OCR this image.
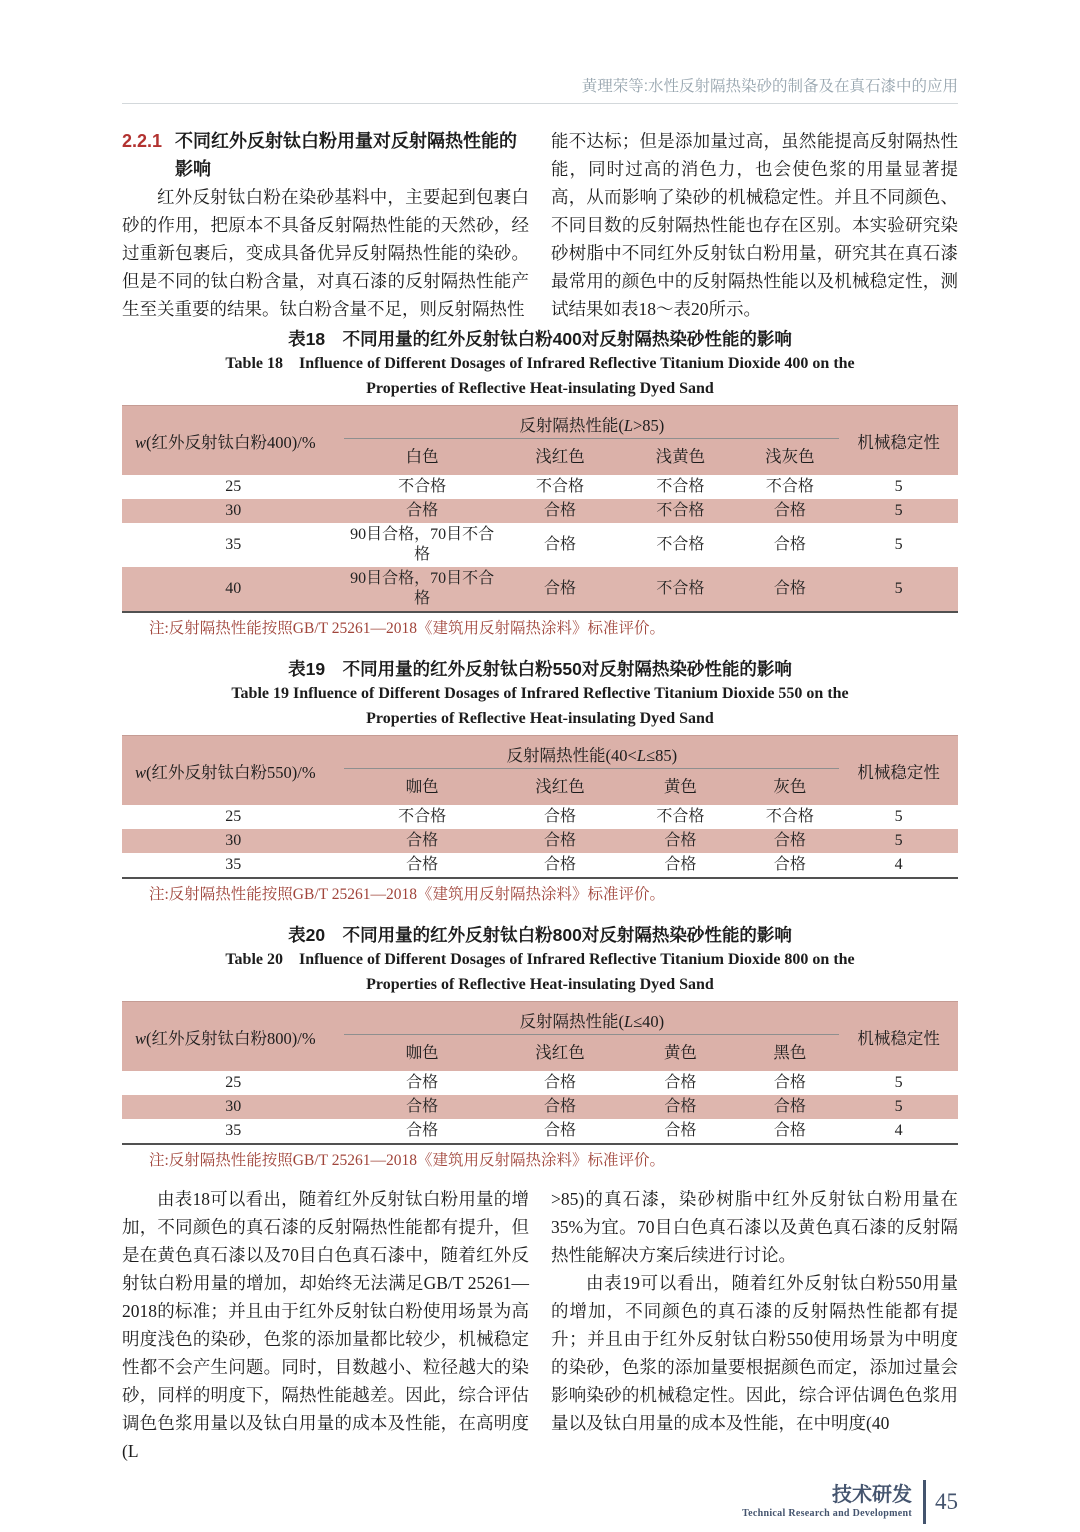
黄理荣等:水性反射隔热染砂的制备及在真石漆中的应用
2.2.1 不同红外反射钛白粉用量对反射隔热性能的
影响

红外反射钛白粉在染砂基料中，主要起到包裹白砂的作用，把原本不具备反射隔热性能的天然砂，经过重新包裹后，变成具备优异反射隔热性能的染砂。但是不同的钛白粉含量，对真石漆的反射隔热性能产生至关重要的结果。钛白粉含量不足，则反射隔热性

能不达标；但是添加量过高，虽然能提高反射隔热性能，同时过高的消色力，也会使色浆的用量显著提高，从而影响了染砂的机械稳定性。并且不同颜色、不同目数的反射隔热性能也存在区别。本实验研究染砂树脂中不同红外反射钛白粉用量，研究其在真石漆最常用的颜色中的反射隔热性能以及机械稳定性，测试结果如表18～表20所示。

表18　不同用量的红外反射钛白粉400对反射隔热染砂性能的影响
Table 18　Influence of Different Dosages of Infrared Reflective Titanium Dioxide 400 on the
Properties of Reflective Heat-insulating Dyed Sand
w(红外反射钛白粉400)/%	反射隔热性能(L>85)				机械稳定性
	白色	浅红色	浅黄色	浅灰色	
25	不合格	不合格	不合格	不合格	5
30	合格	合格	不合格	合格	5
35	90目合格，70目不合格	合格	不合格	合格	5
40	90目合格，70目不合格	合格	不合格	合格	5
注:反射隔热性能按照GB/T 25261—2018《建筑用反射隔热涂料》标准评价。
表19　不同用量的红外反射钛白粉550对反射隔热染砂性能的影响
Table 19 Influence of Different Dosages of Infrared Reflective Titanium Dioxide 550 on the
Properties of Reflective Heat-insulating Dyed Sand
w(红外反射钛白粉550)/%	反射隔热性能(40<L≤85)				机械稳定性
	咖色	浅红色	黄色	灰色	
25	不合格	合格	不合格	不合格	5
30	合格	合格	合格	合格	5
35	合格	合格	合格	合格	4
注:反射隔热性能按照GB/T 25261—2018《建筑用反射隔热涂料》标准评价。
表20　不同用量的红外反射钛白粉800对反射隔热染砂性能的影响
Table 20　Influence of Different Dosages of Infrared Reflective Titanium Dioxide 800 on the
Properties of Reflective Heat-insulating Dyed Sand
w(红外反射钛白粉800)/%	反射隔热性能(L≤40)				机械稳定性
	咖色	浅红色	黄色	黑色	
25	合格	合格	合格	合格	5
30	合格	合格	合格	合格	5
35	合格	合格	合格	合格	4
注:反射隔热性能按照GB/T 25261—2018《建筑用反射隔热涂料》标准评价。

由表18可以看出，随着红外反射钛白粉用量的增加，不同颜色的真石漆的反射隔热性能都有提升，但是在黄色真石漆以及70目白色真石漆中，随着红外反射钛白粉用量的增加，却始终无法满足GB/T 25261—2018的标准；并且由于红外反射钛白粉使用场景为高明度浅色的染砂，色浆的添加量都比较少，机械稳定性都不会产生问题。同时，目数越小、粒径越大的染砂，同样的明度下，隔热性能越差。因此，综合评估调色色浆用量以及钛白用量的成本及性能，在高明度(L

>85)的真石漆，染砂树脂中红外反射钛白粉用量在35%为宜。70目白色真石漆以及黄色真石漆的反射隔热性能解决方案后续进行讨论。

由表19可以看出，随着红外反射钛白粉550用量的增加，不同颜色的真石漆的反射隔热性能都有提升；并且由于红外反射钛白粉550使用场景为中明度的染砂，色浆的添加量要根据颜色而定，添加过量会影响染砂的机械稳定性。因此，综合评估调色色浆用量以及钛白用量的成本及性能，在中明度(40

技术研发
Technical Research and Development 45
